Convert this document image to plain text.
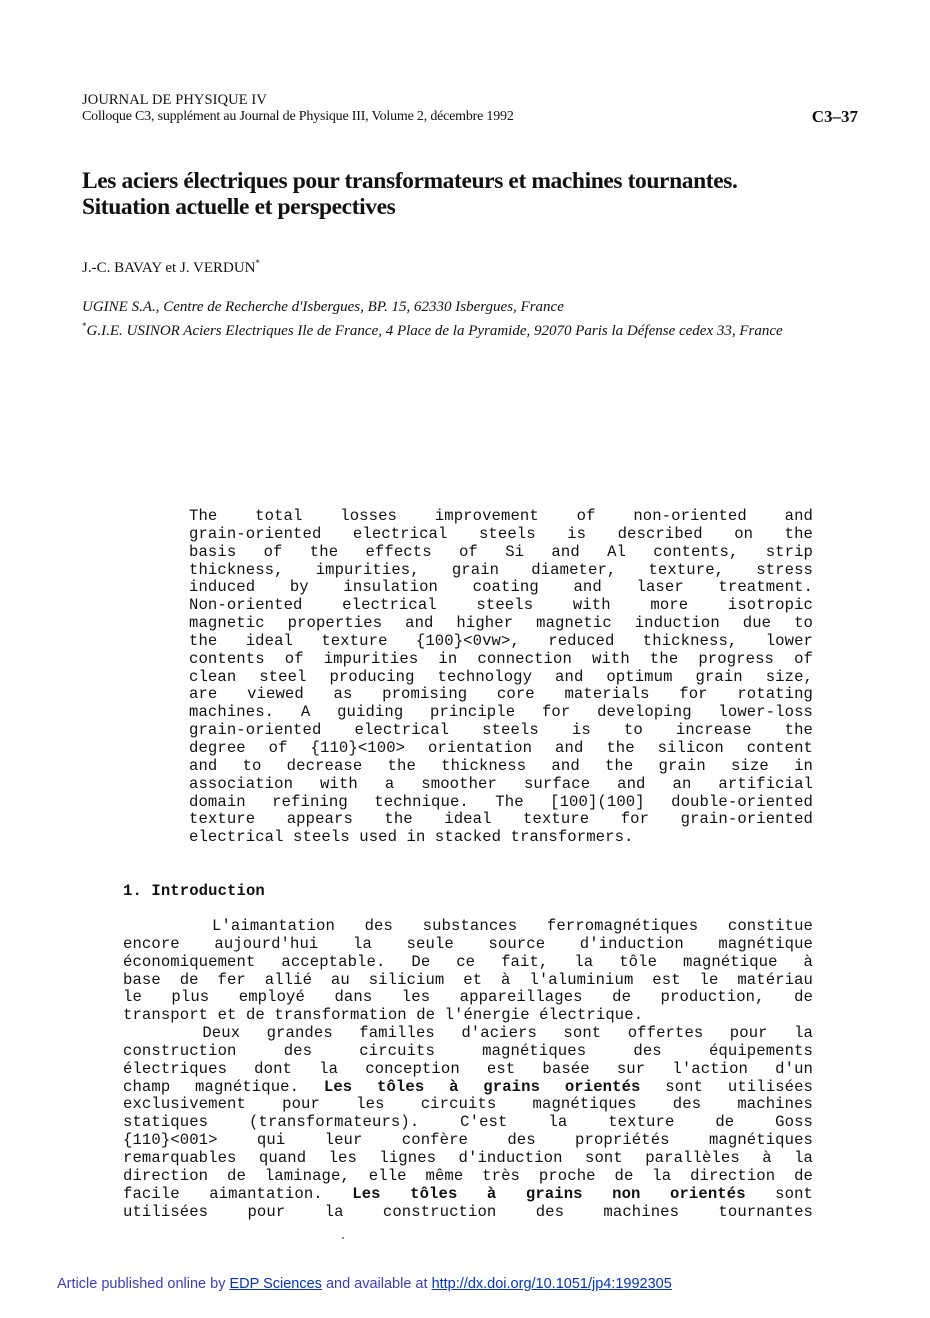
JOURNAL DE PHYSIQUE IV
Colloque C3, supplément au Journal de Physique III, Volume 2, décembre 1992	C3–37
Les aciers électriques pour transformateurs et machines tournantes.
Situation actuelle et perspectives
J.-C. BAVAY et J. VERDUN*
UGINE S.A., Centre de Recherche d'Isbergues, BP. 15, 62330 Isbergues, France
*G.I.E. USINOR Aciers Electriques Ile de France, 4 Place de la Pyramide, 92070 Paris la Défense cedex 33, France
The total losses improvement of non-oriented and
grain-oriented electrical steels is described on the
basis of the effects of Si and Al contents, strip
thickness, impurities, grain diameter, texture, stress
induced by insulation coating and laser treatment.
Non-oriented electrical steels with more isotropic
magnetic properties and higher magnetic induction due to
the ideal texture {100}<0vw>, reduced thickness, lower
contents of impurities in connection with the progress of
clean steel producing technology and optimum grain size,
are viewed as promising core materials for rotating
machines. A guiding principle for developing lower-loss
grain-oriented electrical steels is to increase the
degree of {110}<100> orientation and the silicon content
and to decrease the thickness and the grain size in
association with a smoother surface and an artificial
domain refining technique. The [100](100] double-oriented
texture appears the ideal texture for grain-oriented
electrical steels used in stacked transformers.
1. Introduction
L'aimantation des substances ferromagnétiques constitue
encore aujourd'hui la seule source d'induction magnétique
économiquement acceptable. De ce fait, la tôle magnétique à
base de fer allié au silicium et à l'aluminium est le matériau
le plus employé dans les appareillages de production, de
transport et de transformation de l'énergie électrique.
Deux grandes familles d'aciers sont offertes pour la
construction des circuits magnétiques des équipements
électriques dont la conception est basée sur l'action d'un
champ magnétique. Les tôles à grains orientés sont utilisées
exclusivement pour les circuits magnétiques des machines
statiques (transformateurs). C'est la texture de Goss
{110}<001> qui leur confère des propriétés magnétiques
remarquables quand les lignes d'induction sont parallèles à la
direction de laminage, elle même très proche de la direction de
facile aimantation. Les tôles à grains non orientés sont
utilisées pour la construction des machines tournantes
Article published online by EDP Sciences and available at http://dx.doi.org/10.1051/jp4:1992305
